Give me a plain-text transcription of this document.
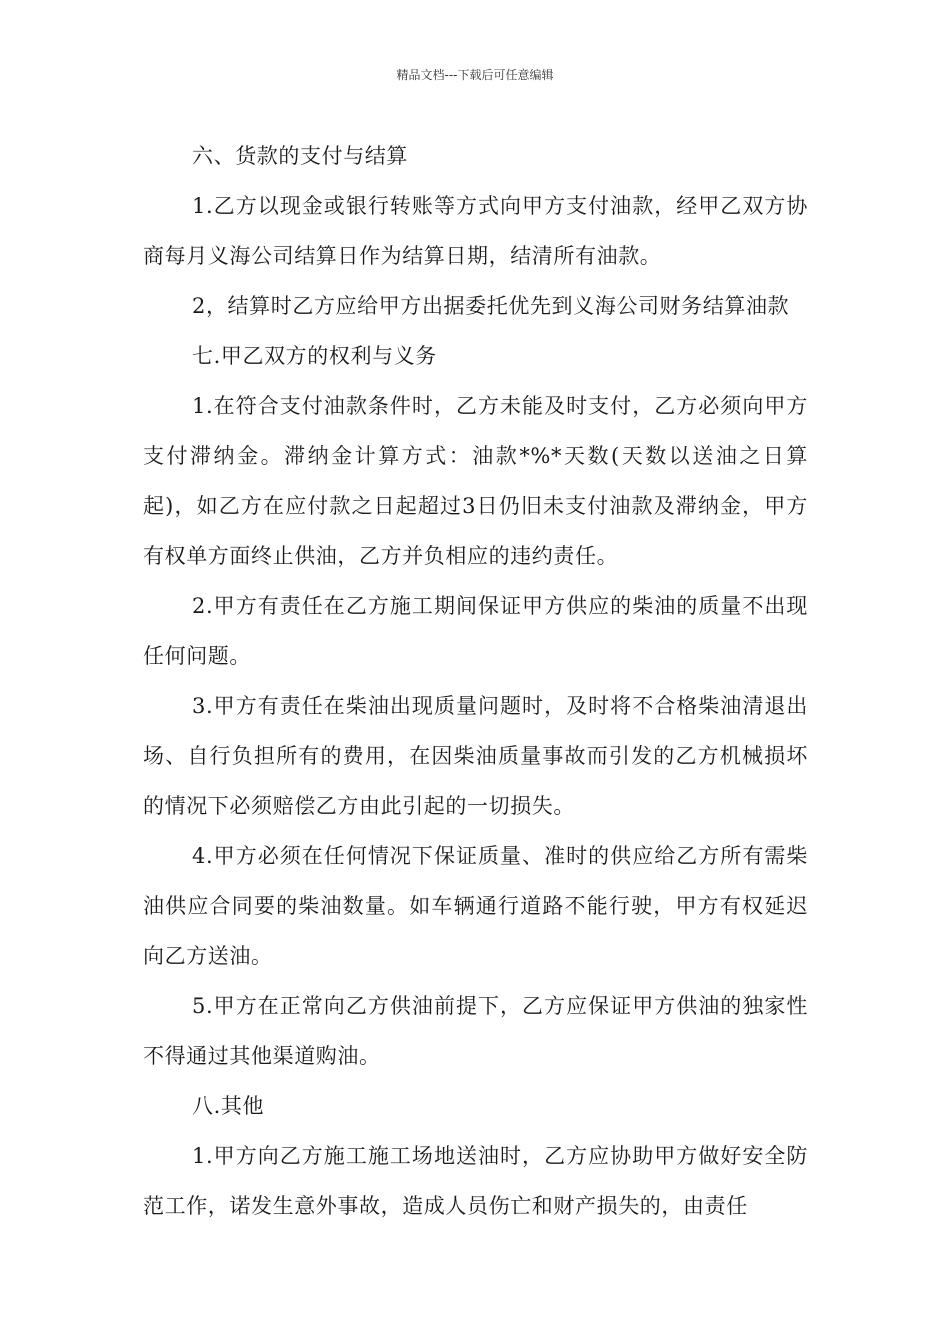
精品文档---下载后可任意编辑

六、货款的支付与结算

1.乙方以现金或银行转账等方式向甲方支付油款，经甲乙双方协商每月义海公司结算日作为结算日期，结清所有油款。

2，结算时乙方应给甲方出据委托优先到义海公司财务结算油款

七.甲乙双方的权利与义务

1.在符合支付油款条件时，乙方未能及时支付，乙方必须向甲方支付滞纳金。滞纳金计算方式：油款*%*天数(天数以送油之日算起)，如乙方在应付款之日起超过3日仍旧未支付油款及滞纳金，甲方有权单方面终止供油，乙方并负相应的违约责任。

2.甲方有责任在乙方施工期间保证甲方供应的柴油的质量不出现任何问题。

3.甲方有责任在柴油出现质量问题时，及时将不合格柴油清退出场、自行负担所有的费用，在因柴油质量事故而引发的乙方机械损坏的情况下必须赔偿乙方由此引起的一切损失。

4.甲方必须在任何情况下保证质量、准时的供应给乙方所有需柴油供应合同要的柴油数量。如车辆通行道路不能行驶，甲方有权延迟向乙方送油。

5.甲方在正常向乙方供油前提下，乙方应保证甲方供油的独家性不得通过其他渠道购油。

八.其他

1.甲方向乙方施工施工场地送油时，乙方应协助甲方做好安全防范工作，诺发生意外事故，造成人员伤亡和财产损失的，由责任
